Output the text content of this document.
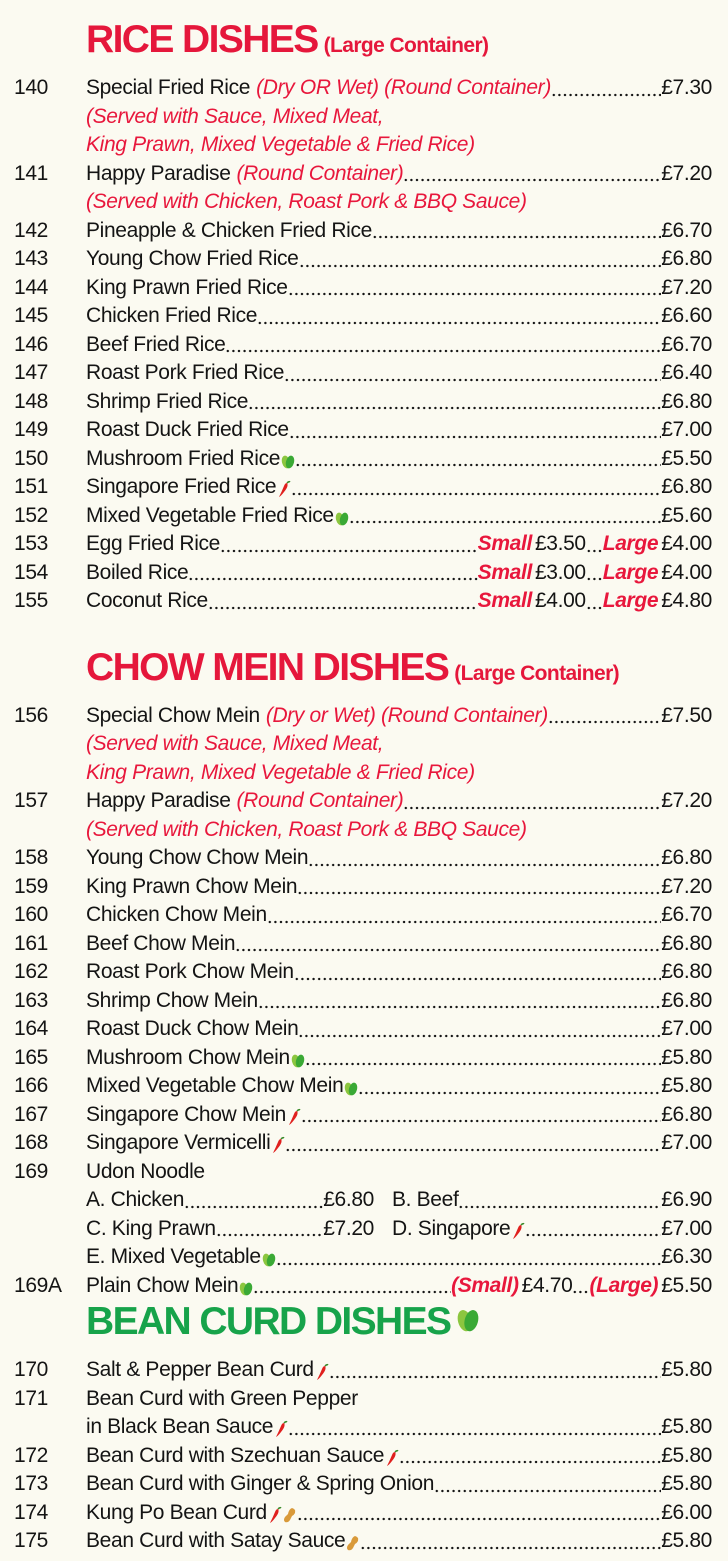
RICE DISHES (Large Container)
140	Special Fried Rice (Dry OR Wet) (Round Container)	£7.30
(Served with Sauce, Mixed Meat,
King Prawn, Mixed Vegetable & Fried Rice)
141	Happy Paradise (Round Container)	£7.20
(Served with Chicken, Roast Pork & BBQ Sauce)
142	Pineapple & Chicken Fried Rice	£6.70
143	Young Chow Fried Rice	£6.80
144	King Prawn Fried Rice	£7.20
145	Chicken Fried Rice	£6.60
146	Beef Fried Rice	£6.70
147	Roast Pork Fried Rice	£6.40
148	Shrimp Fried Rice	£6.80
149	Roast Duck Fried Rice	£7.00
150	Mushroom Fried Rice	£5.50
151	Singapore Fried Rice	£6.80
152	Mixed Vegetable Fried Rice	£5.60
153	Egg Fried Rice	Small £3.50 Large £4.00
154	Boiled Rice	Small £3.00 Large £4.00
155	Coconut Rice	Small £4.00 Large £4.80
CHOW MEIN DISHES (Large Container)
156	Special Chow Mein (Dry or Wet) (Round Container)	£7.50
(Served with Sauce, Mixed Meat,
King Prawn, Mixed Vegetable & Fried Rice)
157	Happy Paradise (Round Container)	£7.20
(Served with Chicken, Roast Pork & BBQ Sauce)
158	Young Chow Chow Mein	£6.80
159	King Prawn Chow Mein	£7.20
160	Chicken Chow Mein	£6.70
161	Beef Chow Mein	£6.80
162	Roast Pork Chow Mein	£6.80
163	Shrimp Chow Mein	£6.80
164	Roast Duck Chow Mein	£7.00
165	Mushroom Chow Mein	£5.80
166	Mixed Vegetable Chow Mein	£5.80
167	Singapore Chow Mein	£6.80
168	Singapore Vermicelli	£7.00
169	Udon Noodle
A. Chicken	£6.80 B. Beef	£6.90
C. King Prawn	£7.20 D. Singapore	£7.00
E. Mixed Vegetable	£6.30
169A	Plain Chow Mein	(Small) £4.70 (Large) £5.50
BEAN CURD DISHES
170	Salt & Pepper Bean Curd	£5.80
171	Bean Curd with Green Pepper
in Black Bean Sauce	£5.80
172	Bean Curd with Szechuan Sauce	£5.80
173	Bean Curd with Ginger & Spring Onion	£5.80
174	Kung Po Bean Curd	£6.00
175	Bean Curd with Satay Sauce	£5.80
